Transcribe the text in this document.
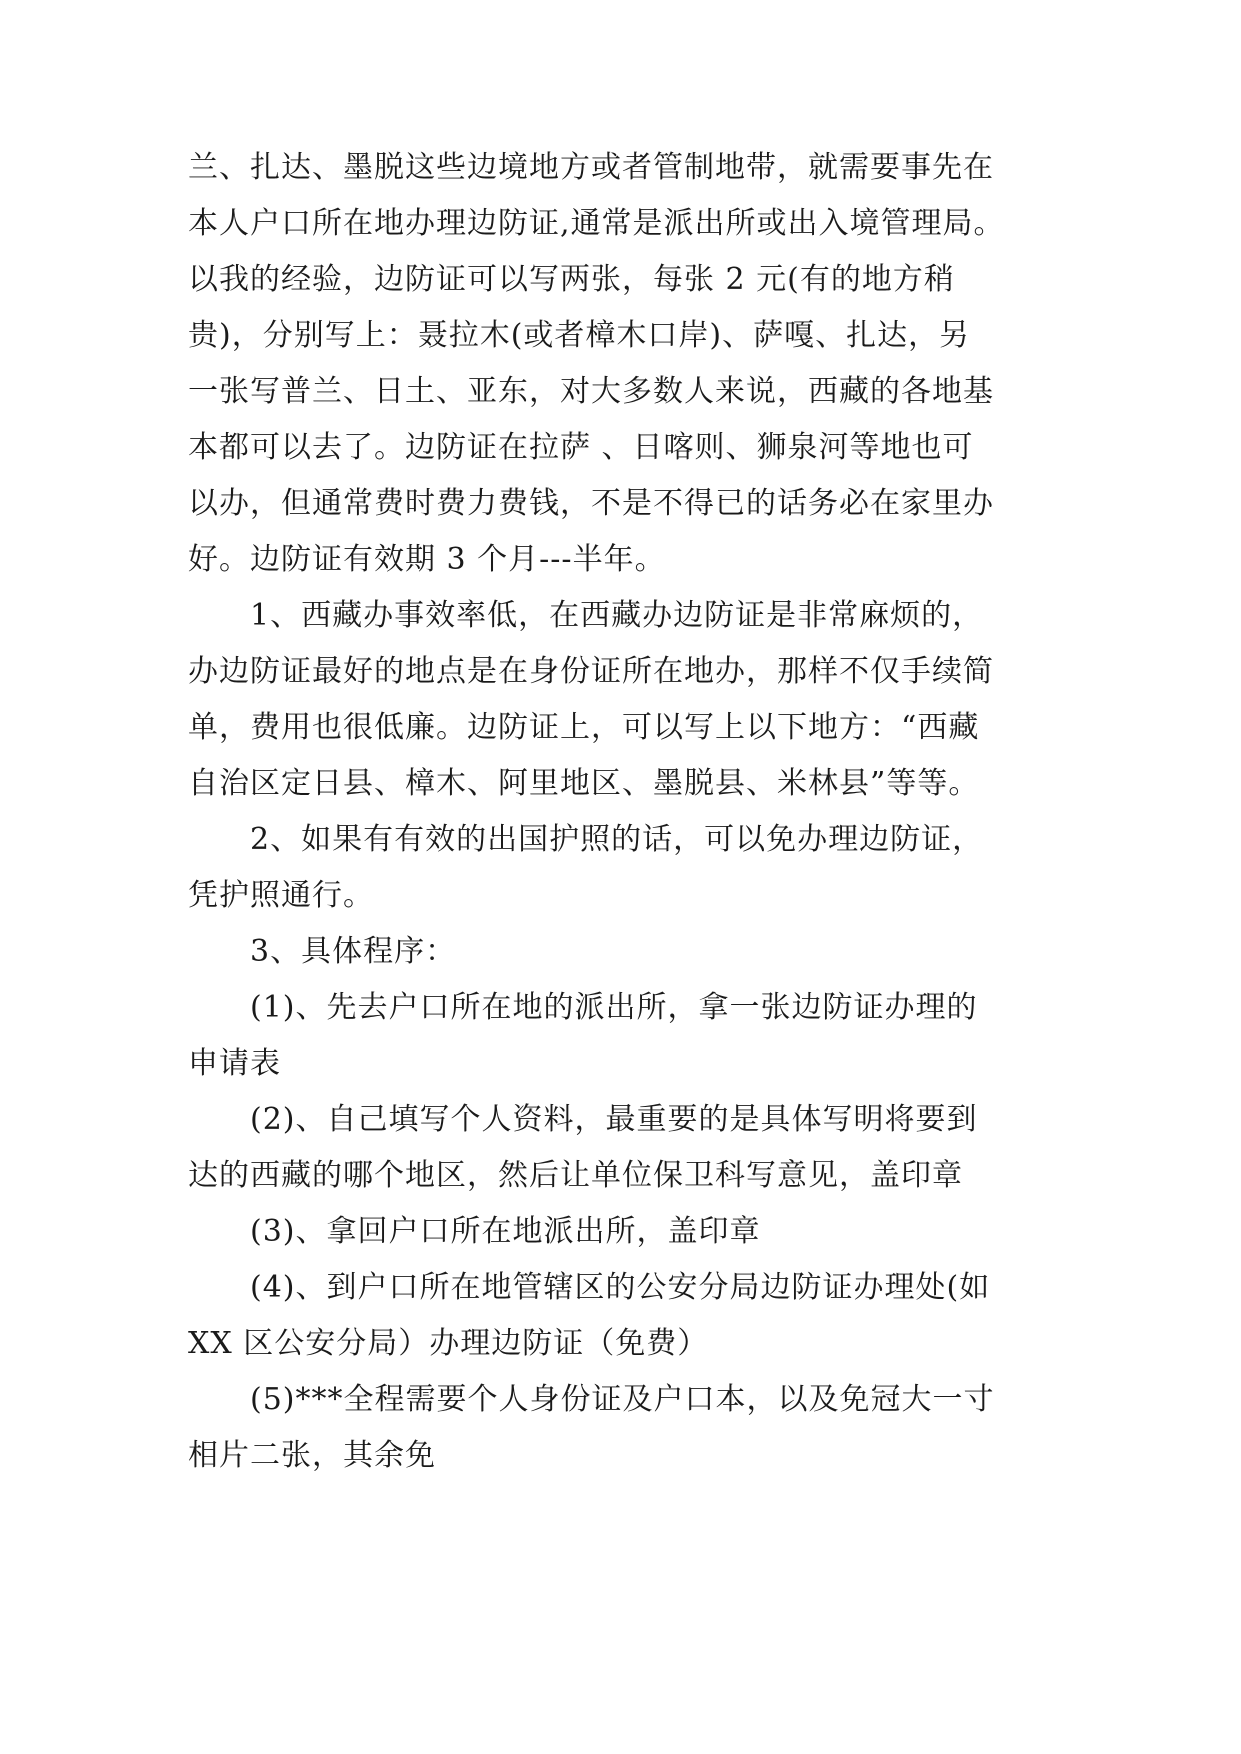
兰、扎达、墨脱这些边境地方或者管制地带，就需要事先在
本人户口所在地办理边防证,通常是派出所或出入境管理局。
以我的经验，边防证可以写两张，每张 2 元(有的地方稍
贵)，分别写上：聂拉木(或者樟木口岸)、萨嘎、扎达，另
一张写普兰、日土、亚东，对大多数人来说，西藏的各地基
本都可以去了。边防证在拉萨 、日喀则、狮泉河等地也可
以办，但通常费时费力费钱，不是不得已的话务必在家里办
好。边防证有效期 3 个月---半年。
1、西藏办事效率低，在西藏办边防证是非常麻烦的，
办边防证最好的地点是在身份证所在地办，那样不仅手续简
单，费用也很低廉。边防证上，可以写上以下地方：“西藏
自治区定日县、樟木、阿里地区、墨脱县、米林县”等等。
2、如果有有效的出国护照的话，可以免办理边防证，
凭护照通行。
3、具体程序：
(1)、先去户口所在地的派出所，拿一张边防证办理的
申请表
(2)、自己填写个人资料，最重要的是具体写明将要到
达的西藏的哪个地区，然后让单位保卫科写意见，盖印章
(3)、拿回户口所在地派出所，盖印章
(4)、到户口所在地管辖区的公安分局边防证办理处(如
XX 区公安分局）办理边防证（免费）
(5)***全程需要个人身份证及户口本，以及免冠大一寸
相片二张，其余免
